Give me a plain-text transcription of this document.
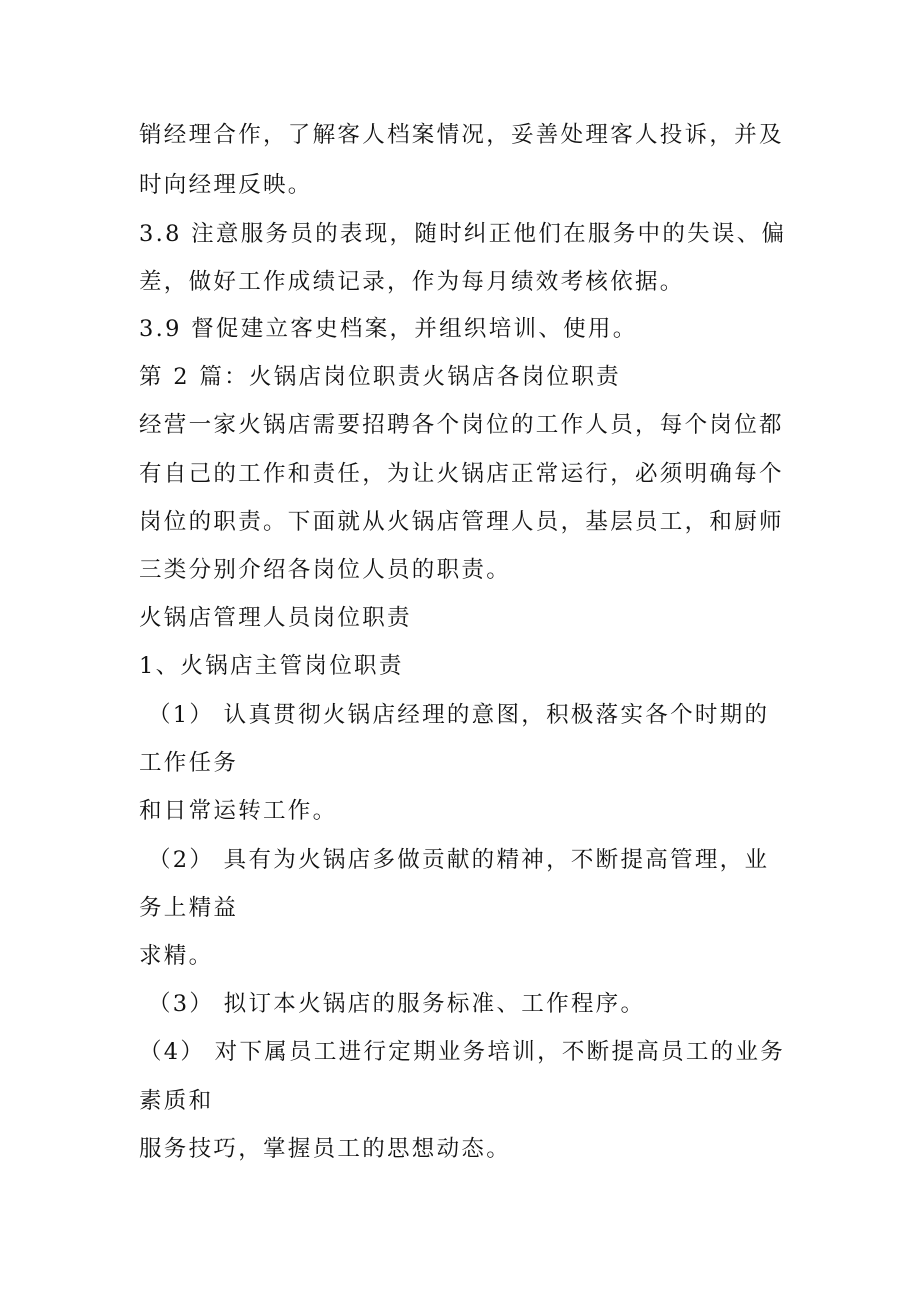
销经理合作，了解客人档案情况，妥善处理客人投诉，并及
时向经理反映。
3.8 注意服务员的表现，随时纠正他们在服务中的失误、偏
差，做好工作成绩记录，作为每月绩效考核依据。
3.9 督促建立客史档案，并组织培训、使用。
第 2 篇：火锅店岗位职责火锅店各岗位职责
经营一家火锅店需要招聘各个岗位的工作人员，每个岗位都
有自己的工作和责任，为让火锅店正常运行，必须明确每个
岗位的职责。下面就从火锅店管理人员，基层员工，和厨师
三类分别介绍各岗位人员的职责。
火锅店管理人员岗位职责
1、火锅店主管岗位职责
（1） 认真贯彻火锅店经理的意图，积极落实各个时期的
工作任务
和日常运转工作。
（2） 具有为火锅店多做贡献的精神，不断提高管理，业
务上精益
求精。
（3） 拟订本火锅店的服务标准、工作程序。
（4） 对下属员工进行定期业务培训，不断提高员工的业务
素质和
服务技巧，掌握员工的思想动态。
